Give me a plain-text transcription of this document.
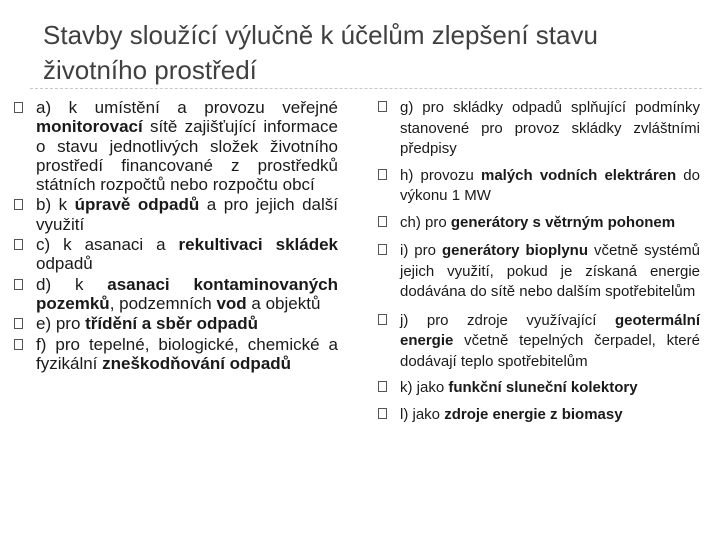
Stavby sloužící výlučně k účelům zlepšení stavu životního prostředí
a) k umístění a provozu veřejné monitorovací sítě zajišťující informace o stavu jednotlivých složek životního prostředí financované z prostředků státních rozpočtů nebo rozpočtu obcí
b) k úpravě odpadů a pro jejich další využití
c) k asanaci a rekultivaci skládek odpadů
d) k asanaci kontaminovaných pozemků, podzemních vod a objektů
e) pro třídění a sběr odpadů
f) pro tepelné, biologické, chemické a fyzikální zneškodňování odpadů
g) pro skládky odpadů splňující podmínky stanovené pro provoz skládky zvláštními předpisy
h) provozu malých vodních elektráren do výkonu 1 MW
ch) pro generátory s větrným pohonem
i) pro generátory bioplynu včetně systémů jejich využití, pokud je získaná energie dodávána do sítě nebo dalším spotřebitelům
j) pro zdroje využívající geotermální energie včetně tepelných čerpadel, které dodávají teplo spotřebitelům
k) jako funkční sluneční kolektory
l) jako zdroje energie z biomasy
